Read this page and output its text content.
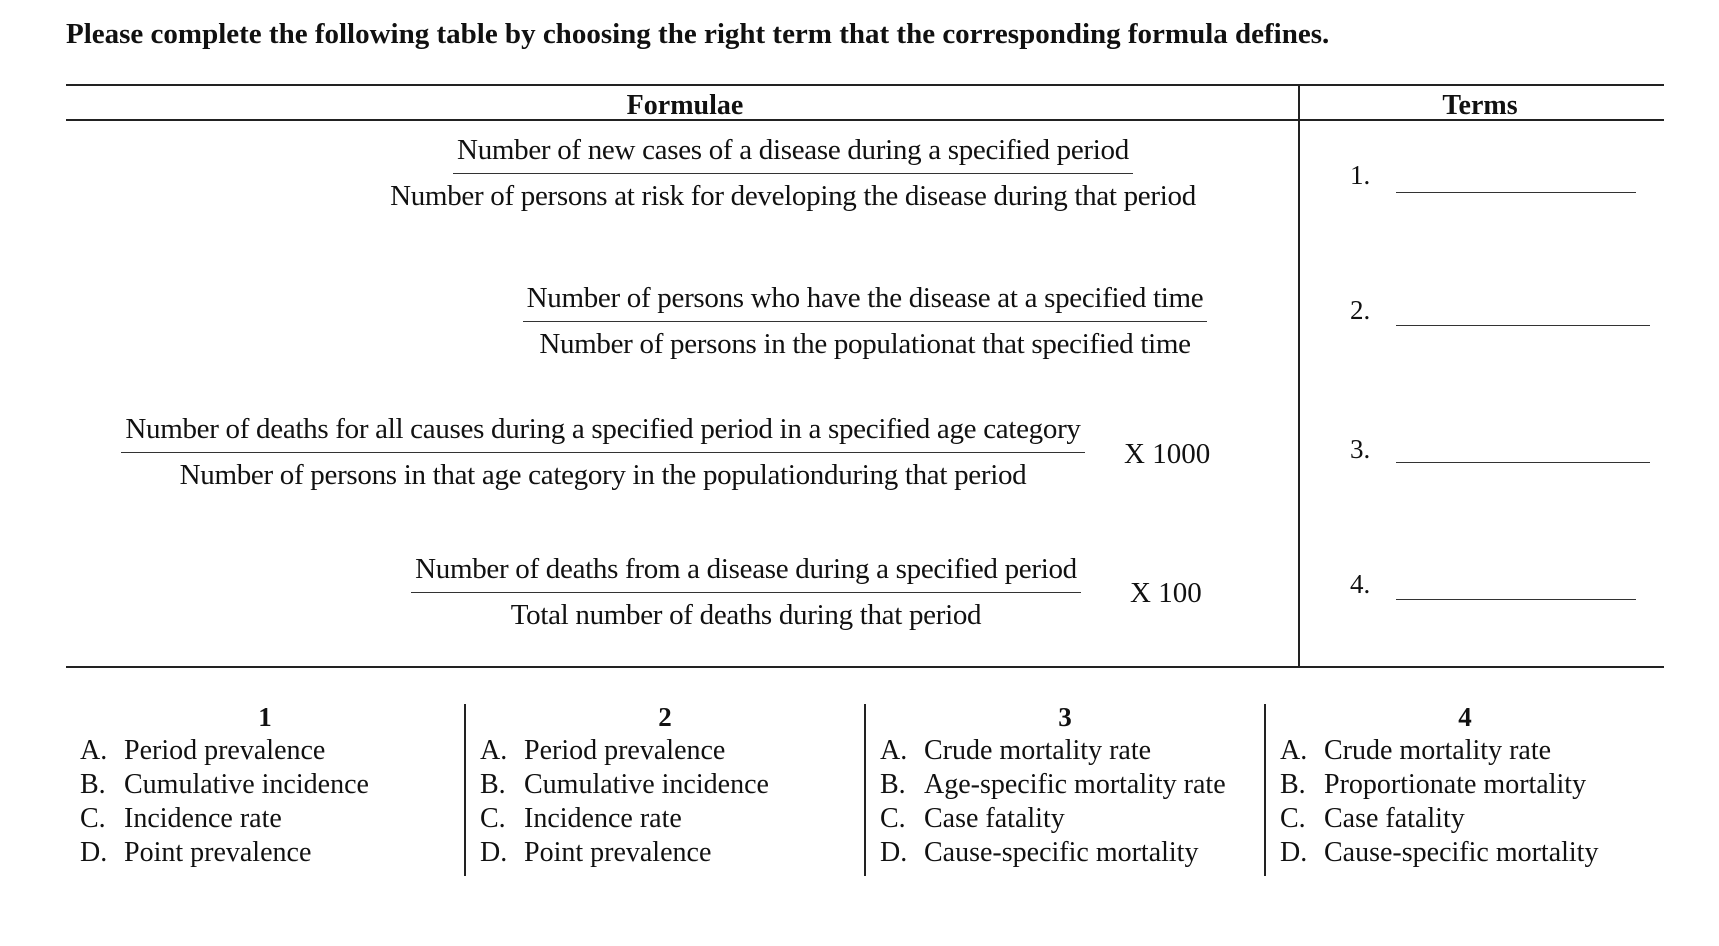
Please complete the following table by choosing the right term that the corresponding formula defines.
Formulae	Terms
Number of new cases of a disease during a specified period
Number of persons at risk for developing the disease during that period
Number of persons who have the disease at a specified time
Number of persons in the populationat that specified time
Number of deaths for all causes during a specified period in a specified age category
Number of persons in that age category in the populationduring that period
X 1000
Number of deaths from a disease during a specified period
Total number of deaths during that period
X 100
1.
2.
3.
4.
1
A. Period prevalence
B. Cumulative incidence
C. Incidence rate
D. Point prevalence
2
A. Period prevalence
B. Cumulative incidence
C. Incidence rate
D. Point prevalence
3
A. Crude mortality rate
B. Age-specific mortality rate
C. Case fatality
D. Cause-specific mortality
4
A. Crude mortality rate
B. Proportionate mortality
C. Case fatality
D. Cause-specific mortality
